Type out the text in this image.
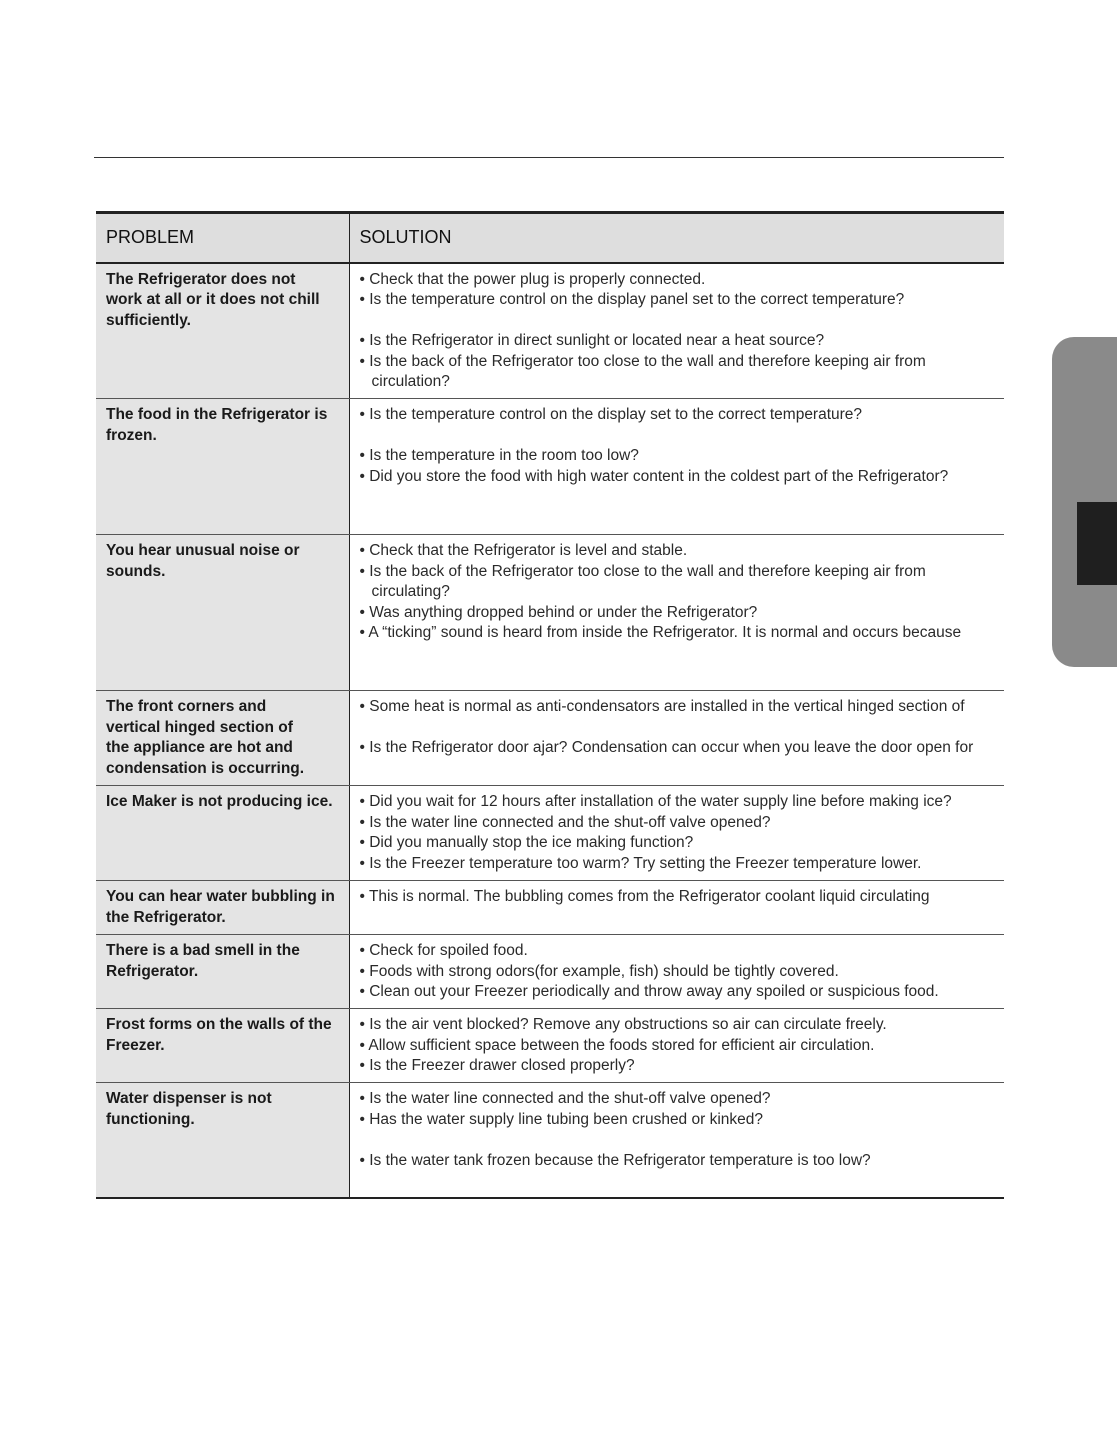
PROBLEM	SOLUTION

The Refrigerator does not work at all or it does not chill sufficiently.	• Check that the power plug is properly connected.
• Is the temperature control on the display panel set to the correct temperature?
• Is the Refrigerator in direct sunlight or located near a heat source?
• Is the back of the Refrigerator too close to the wall and therefore keeping air from circulation?

The food in the Refrigerator is frozen.	• Is the temperature control on the display set to the correct temperature?
• Is the temperature in the room too low?
• Did you store the food with high water content in the coldest part of the Refrigerator?

You hear unusual noise or sounds.	• Check that the Refrigerator is level and stable.
• Is the back of the Refrigerator too close to the wall and therefore keeping air from circulating?
• Was anything dropped behind or under the Refrigerator?
• A “ticking” sound is heard from inside the Refrigerator. It is normal and occurs because

The front corners and vertical hinged section of the appliance are hot and condensation is occurring.	• Some heat is normal as anti-condensators are installed in the vertical hinged section of
• Is the Refrigerator door ajar? Condensation can occur when you leave the door open for

Ice Maker is not producing ice.	• Did you wait for 12 hours after installation of the water supply line before making ice?
• Is the water line connected and the shut-off valve opened?
• Did you manually stop the ice making function?
• Is the Freezer temperature too warm? Try setting the Freezer temperature lower.

You can hear water bubbling in the Refrigerator.	• This is normal. The bubbling comes from the Refrigerator coolant liquid circulating

There is a bad smell in the Refrigerator.	• Check for spoiled food.
• Foods with strong odors(for example, fish) should be tightly covered.
• Clean out your Freezer periodically and throw away any spoiled or suspicious food.

Frost forms on the walls of the Freezer.	• Is the air vent blocked? Remove any obstructions so air can circulate freely.
• Allow sufficient space between the foods stored for efficient air circulation.
• Is the Freezer drawer closed properly?

Water dispenser is not functioning.	• Is the water line connected and the shut-off valve opened?
• Has the water supply line tubing been crushed or kinked?
• Is the water tank frozen because the Refrigerator temperature is too low?
